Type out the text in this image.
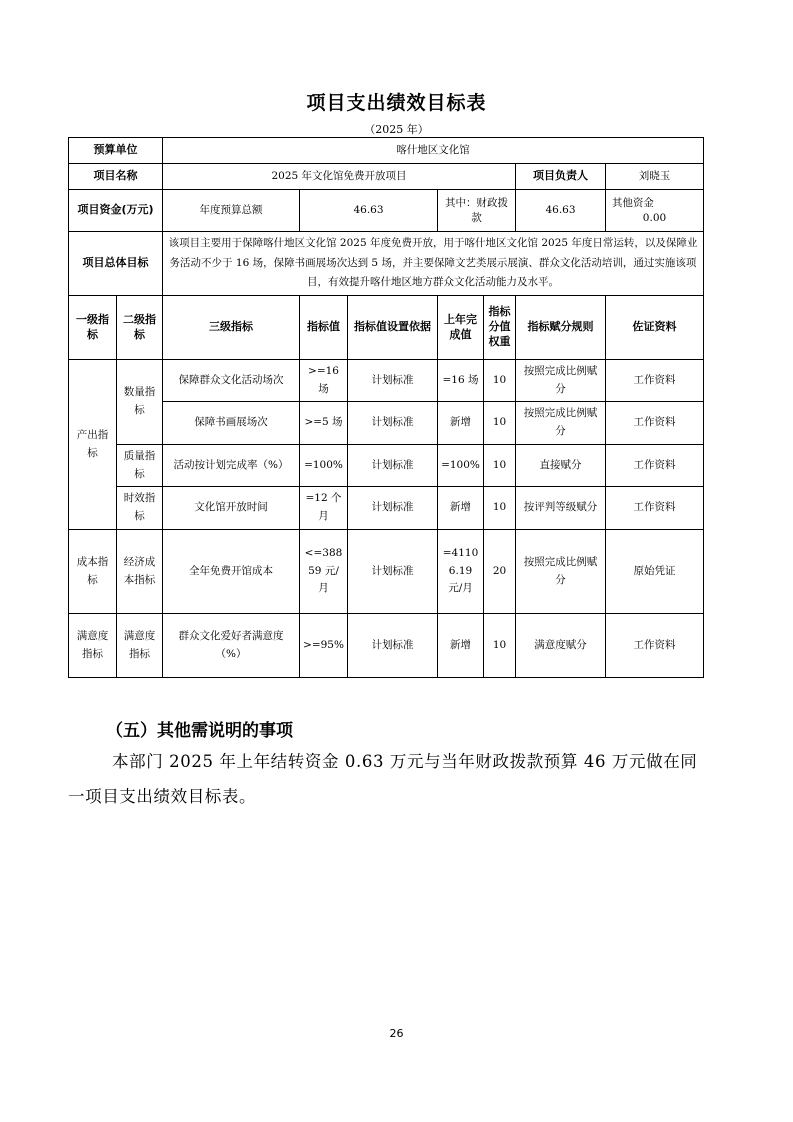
项目支出绩效目标表
（2025 年）
预算单位		喀什地区文化馆						
项目名称		2025 年文化馆免费开放项目					项目负责人	刘晓玉
项目资金(万元)		年度预算总额	46.63		其中：财政拨款		46.63	其他资金  0.00
项目总体目标		该项目主要用于保障喀什地区文化馆 2025 年度免费开放，用于喀什地区文化馆 2025 年度日常运转，以及保障业务活动不少于 16 场，保障书画展场次达到 5 场，并主要保障文艺类展示展演、群众文化活动培训，通过实施该项目，有效提升喀什地区地方群众文化活动能力及水平。						
一级指标	二级指标	三级指标	指标值	指标值设置依据	上年完成值	指标分值权重	指标赋分规则	佐证资料
产出指标	数量指标	保障群众文化活动场次	>=16 场	计划标准	=16 场	10	按照完成比例赋分	工作资料
		保障书画展场次	>=5 场	计划标准	新增	10	按照完成比例赋分	工作资料
	质量指标	活动按计划完成率（%）	=100%	计划标准	=100%	10	直接赋分	工作资料
	时效指标	文化馆开放时间	=12 个月	计划标准	新增	10	按评判等级赋分	工作资料
成本指标	经济成本指标	全年免费开馆成本	<=38859 元/月	计划标准	=41106.19 元/月	20	按照完成比例赋分	原始凭证
满意度指标	满意度指标	群众文化爱好者满意度（%）	>=95%	计划标准	新增	10	满意度赋分	工作资料
（五）其他需说明的事项
本部门 2025 年上年结转资金 0.63 万元与当年财政拨款预算 46 万元做在同一项目支出绩效目标表。
26
